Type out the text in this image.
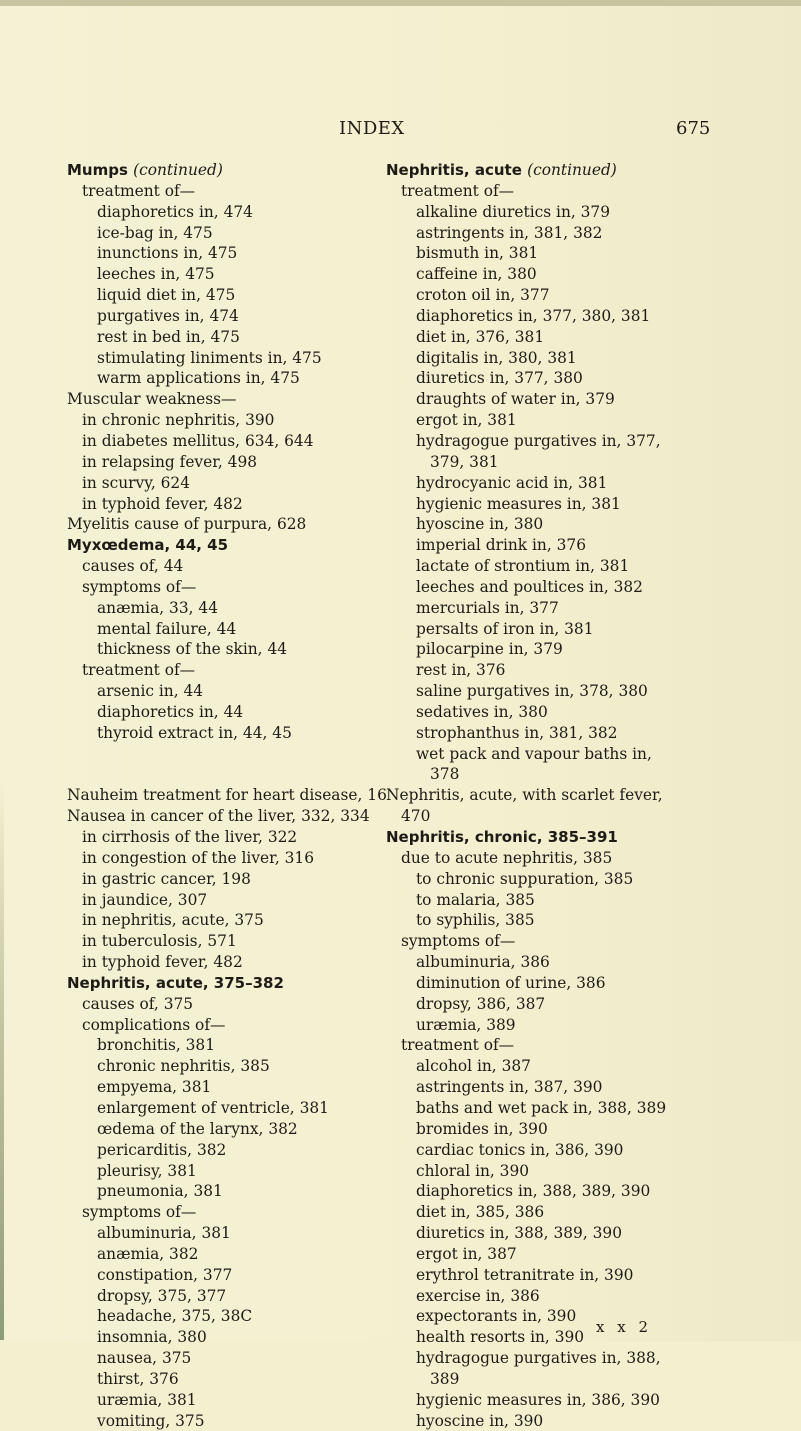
INDEX	675
Mumps (continued)
treatment of—
diaphoretics in, 474
ice-bag in, 475
inunctions in, 475
leeches in, 475
liquid diet in, 475
purgatives in, 474
rest in bed in, 475
stimulating liniments in, 475
warm applications in, 475
Muscular weakness—
in chronic nephritis, 390
in diabetes mellitus, 634, 644
in relapsing fever, 498
in scurvy, 624
in typhoid fever, 482
Myelitis cause of purpura, 628
Myxœdema, 44, 45
causes of, 44
symptoms of—
anæmia, 33, 44
mental failure, 44
thickness of the skin, 44
treatment of—
arsenic in, 44
diaphoretics in, 44
thyroid extract in, 44, 45
Nauheim treatment for heart disease, 16
Nausea in cancer of the liver, 332, 334
in cirrhosis of the liver, 322
in congestion of the liver, 316
in gastric cancer, 198
in jaundice, 307
in nephritis, acute, 375
in tuberculosis, 571
in typhoid fever, 482
Nephritis, acute, 375–382
causes of, 375
complications of—
bronchitis, 381
chronic nephritis, 385
empyema, 381
enlargement of ventricle, 381
œdema of the larynx, 382
pericarditis, 382
pleurisy, 381
pneumonia, 381
symptoms of—
albuminuria, 381
anæmia, 382
constipation, 377
dropsy, 375, 377
headache, 375, 38C
insomnia, 380
nausea, 375
thirst, 376
uræmia, 381
vomiting, 375
Nephritis, acute (continued)
treatment of—
alkaline diuretics in, 379
astringents in, 381, 382
bismuth in, 381
caffeine in, 380
croton oil in, 377
diaphoretics in, 377, 380, 381
diet in, 376, 381
digitalis in, 380, 381
diuretics in, 377, 380
draughts of water in, 379
ergot in, 381
hydragogue purgatives in, 377,
379, 381
hydrocyanic acid in, 381
hygienic measures in, 381
hyoscine in, 380
imperial drink in, 376
lactate of strontium in, 381
leeches and poultices in, 382
mercurials in, 377
persalts of iron in, 381
pilocarpine in, 379
rest in, 376
saline purgatives in, 378, 380
sedatives in, 380
strophanthus in, 381, 382
wet pack and vapour baths in,
378
Nephritis, acute, with scarlet fever,
470
Nephritis, chronic, 385–391
due to acute nephritis, 385
to chronic suppuration, 385
to malaria, 385
to syphilis, 385
symptoms of—
albuminuria, 386
diminution of urine, 386
dropsy, 386, 387
uræmia, 389
treatment of—
alcohol in, 387
astringents in, 387, 390
baths and wet pack in, 388, 389
bromides in, 390
cardiac tonics in, 386, 390
chloral in, 390
diaphoretics in, 388, 389, 390
diet in, 385, 386
diuretics in, 388, 389, 390
ergot in, 387
erythrol tetranitrate in, 390
exercise in, 386
expectorants in, 390
health resorts in, 390
hydragogue purgatives in, 388,
389
hygienic measures in, 386, 390
hyoscine in, 390
x x 2
